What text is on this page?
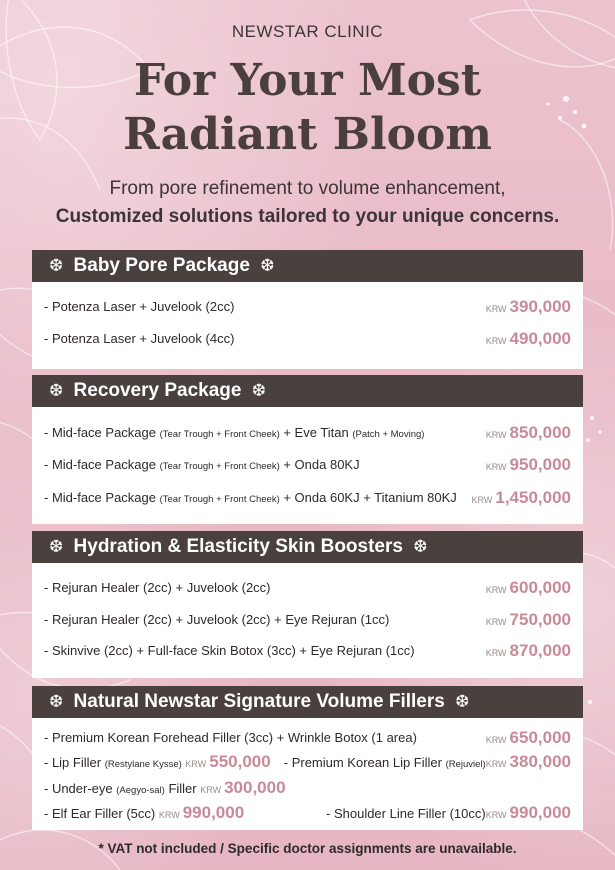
NEWSTAR CLINIC
For Your Most
Radiant Bloom
From pore refinement to volume enhancement,
Customized solutions tailored to your unique concerns.
❆ Baby Pore Package ❆
- Potenza Laser + Juvelook (2cc)	KRW 390,000
- Potenza Laser + Juvelook (4cc)	KRW 490,000
❆ Recovery Package ❆
- Mid-face Package (Tear Trough + Front Cheek) + Eve Titan (Patch + Moving)	KRW 850,000
- Mid-face Package (Tear Trough + Front Cheek) + Onda 80KJ	KRW 950,000
- Mid-face Package (Tear Trough + Front Cheek) + Onda 60KJ + Titanium 80KJ KRW 1,450,000
❆ Hydration & Elasticity Skin Boosters ❆
- Rejuran Healer (2cc) + Juvelook (2cc)	KRW 600,000
- Rejuran Healer (2cc) + Juvelook (2cc) + Eye Rejuran (1cc)	KRW 750,000
- Skinvive (2cc) + Full-face Skin Botox (3cc) + Eye Rejuran (1cc)	KRW 870,000
❆ Natural Newstar Signature Volume Fillers ❆
- Premium Korean Forehead Filler (3cc) + Wrinkle Botox (1 area)	KRW 650,000
- Lip Filler (Restylane Kysse) KRW 550,000 - Premium Korean Lip Filler (Rejuviel)KRW 380,000
- Under-eye (Aegyo-sal) Filler KRW 300,000
- Elf Ear Filler (5cc) KRW 990,000	- Shoulder Line Filler (10cc)KRW 990,000
* VAT not included / Specific doctor assignments are unavailable.
